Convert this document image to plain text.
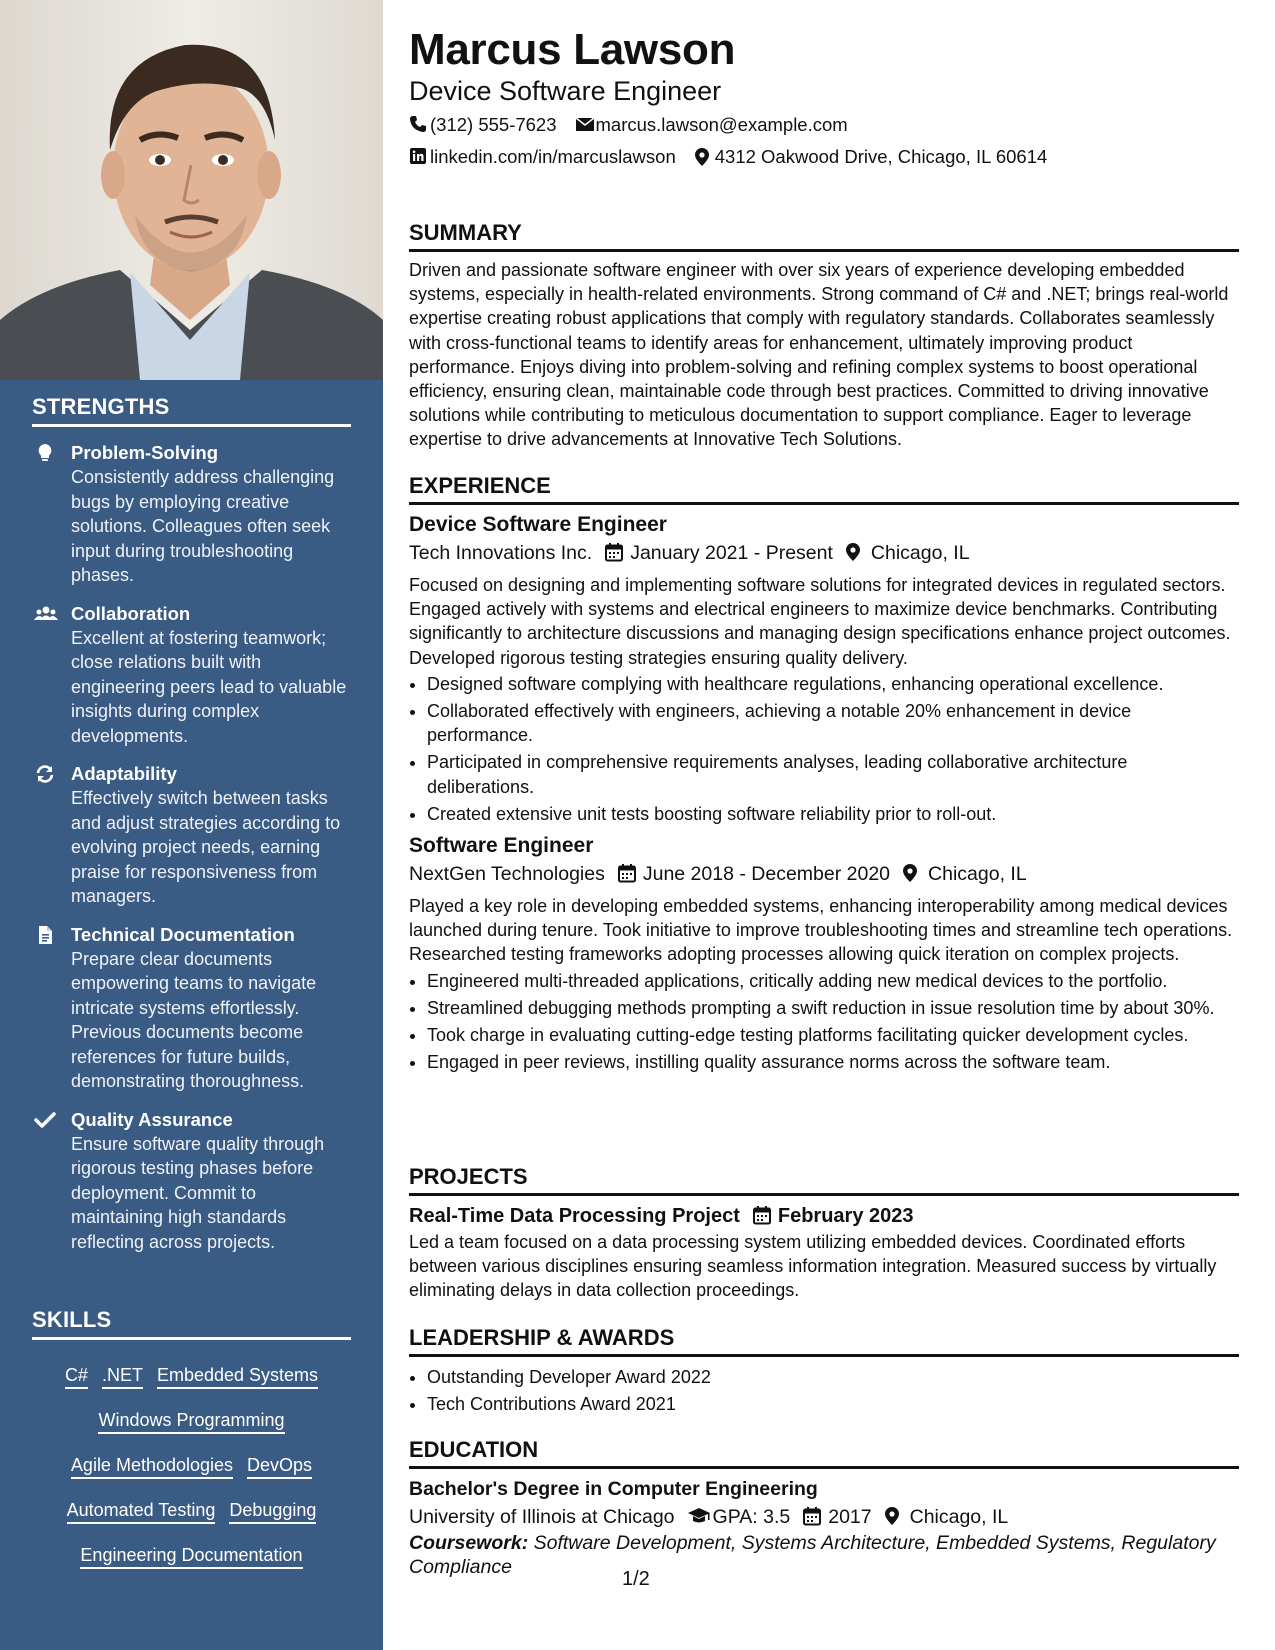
STRENGTHS
Problem-Solving
Consistently address challenging bugs by employing creative solutions. Colleagues often seek input during troubleshooting phases.
Collaboration
Excellent at fostering teamwork; close relations built with engineering peers lead to valuable insights during complex developments.
Adaptability
Effectively switch between tasks and adjust strategies according to evolving project needs, earning praise for responsiveness from managers.
Technical Documentation
Prepare clear documents empowering teams to navigate intricate systems effortlessly. Previous documents become references for future builds, demonstrating thoroughness.
Quality Assurance
Ensure software quality through rigorous testing phases before deployment. Commit to maintaining high standards reflecting across projects.
SKILLS
C# .NET Embedded Systems
Windows Programming
Agile Methodologies DevOps
Automated Testing Debugging
Engineering Documentation
Marcus Lawson
Device Software Engineer
(312) 555-7623 marcus.lawson@example.com
linkedin.com/in/marcuslawson 4312 Oakwood Drive, Chicago, IL 60614
SUMMARY
Driven and passionate software engineer with over six years of experience developing embedded systems, especially in health-related environments. Strong command of C# and .NET; brings real-world expertise creating robust applications that comply with regulatory standards. Collaborates seamlessly with cross-functional teams to identify areas for enhancement, ultimately improving product performance. Enjoys diving into problem-solving and refining complex systems to boost operational efficiency, ensuring clean, maintainable code through best practices. Committed to driving innovative solutions while contributing to meticulous documentation to support compliance. Eager to leverage expertise to drive advancements at Innovative Tech Solutions.
EXPERIENCE
Device Software Engineer
Tech Innovations Inc. January 2021 - Present Chicago, IL
Focused on designing and implementing software solutions for integrated devices in regulated sectors. Engaged actively with systems and electrical engineers to maximize device benchmarks. Contributing significantly to architecture discussions and managing design specifications enhance project outcomes. Developed rigorous testing strategies ensuring quality delivery.
• Designed software complying with healthcare regulations, enhancing operational excellence.
• Collaborated effectively with engineers, achieving a notable 20% enhancement in device performance.
• Participated in comprehensive requirements analyses, leading collaborative architecture deliberations.
• Created extensive unit tests boosting software reliability prior to roll-out.
Software Engineer
NextGen Technologies June 2018 - December 2020 Chicago, IL
Played a key role in developing embedded systems, enhancing interoperability among medical devices launched during tenure. Took initiative to improve troubleshooting times and streamline tech operations. Researched testing frameworks adopting processes allowing quick iteration on complex projects.
• Engineered multi-threaded applications, critically adding new medical devices to the portfolio.
• Streamlined debugging methods prompting a swift reduction in issue resolution time by about 30%.
• Took charge in evaluating cutting-edge testing platforms facilitating quicker development cycles.
• Engaged in peer reviews, instilling quality assurance norms across the software team.
PROJECTS
Real-Time Data Processing Project February 2023
Led a team focused on a data processing system utilizing embedded devices. Coordinated efforts between various disciplines ensuring seamless information integration. Measured success by virtually eliminating delays in data collection proceedings.
LEADERSHIP & AWARDS
• Outstanding Developer Award 2022
• Tech Contributions Award 2021
EDUCATION
Bachelor's Degree in Computer Engineering
University of Illinois at Chicago GPA: 3.5 2017 Chicago, IL
Coursework: Software Development, Systems Architecture, Embedded Systems, Regulatory Compliance
1/2
